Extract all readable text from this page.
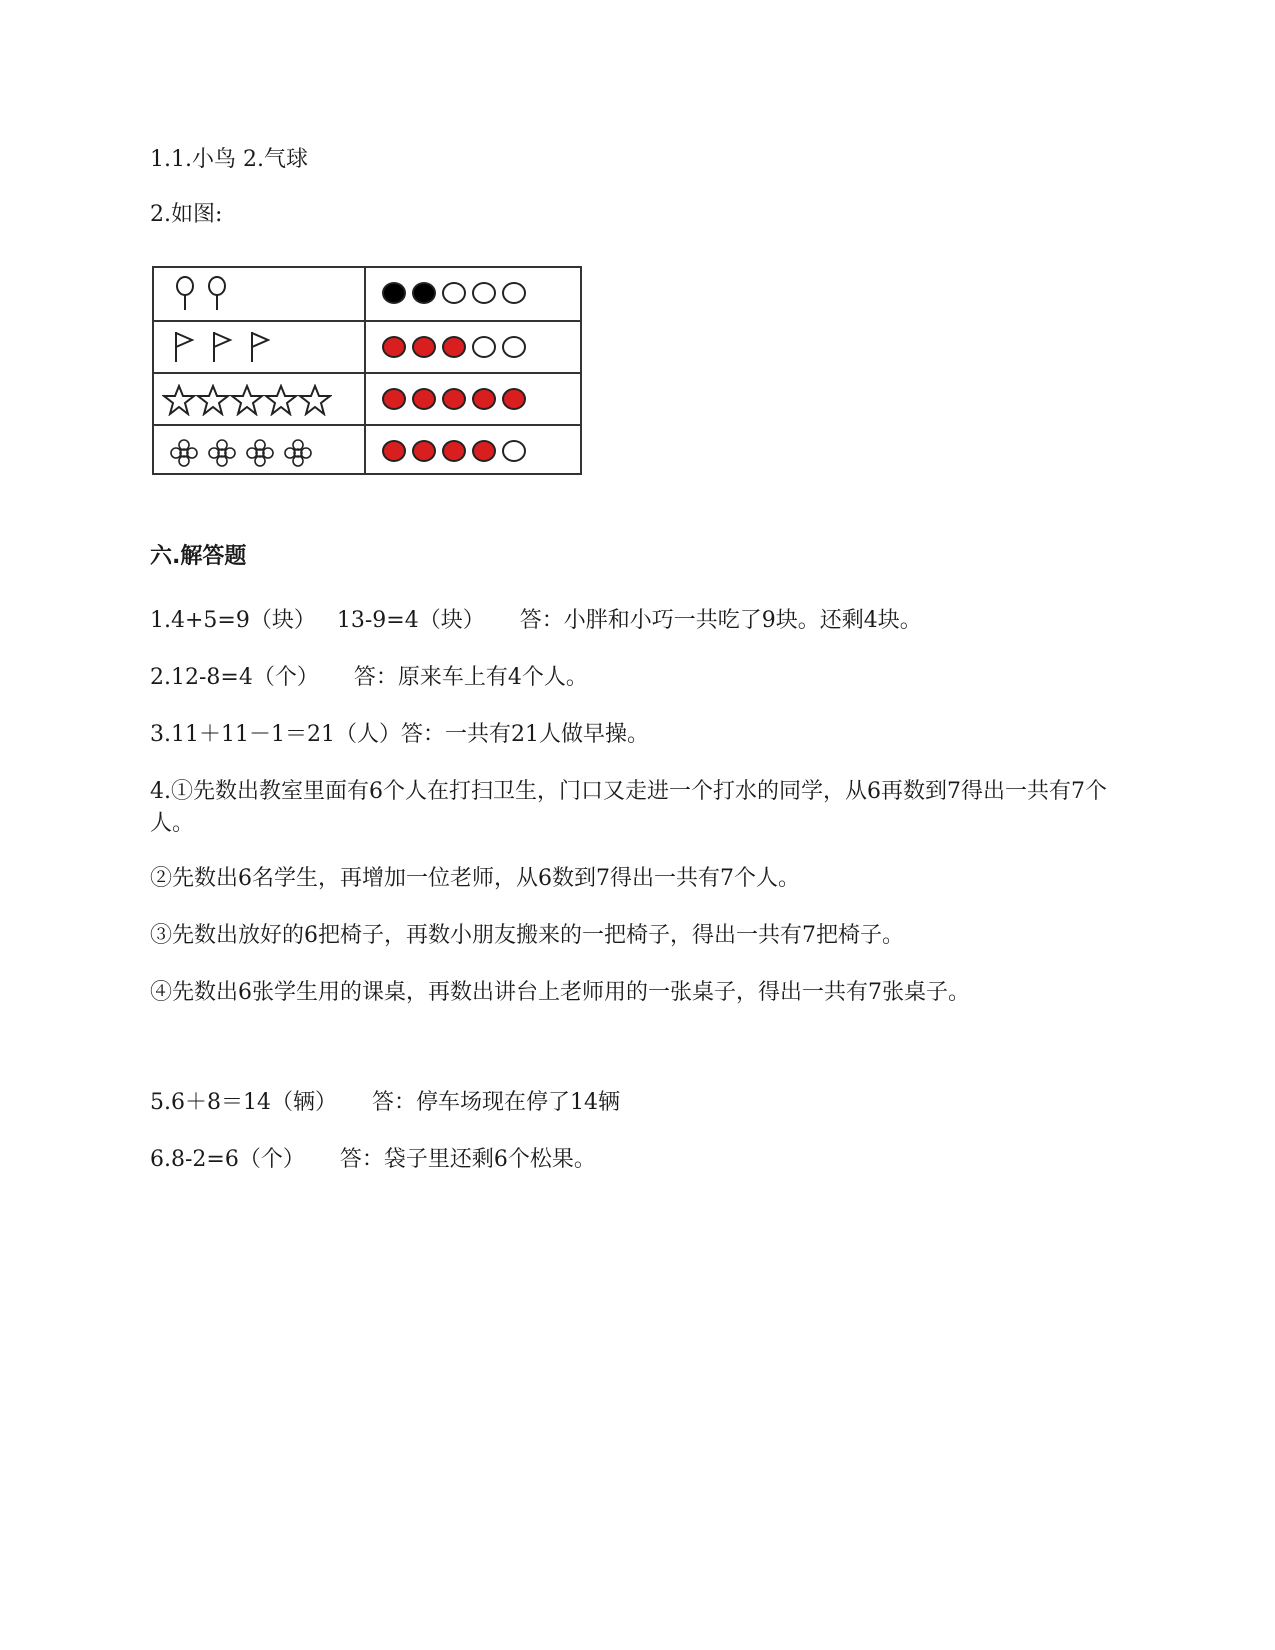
1.1.小鸟 2.气球
2.如图:
六.解答题
1.4+5=9（块） 13-9=4（块） 答：小胖和小巧一共吃了9块。还剩4块。
2.12-8=4（个） 答：原来车上有4个人。
3.11＋11－1＝21（人）答：一共有21人做早操。
4.①先数出教室里面有6个人在打扫卫生，门口又走进一个打水的同学，从6再数到7得出一共有7个人。
②先数出6名学生，再增加一位老师，从6数到7得出一共有7个人。
③先数出放好的6把椅子，再数小朋友搬来的一把椅子，得出一共有7把椅子。
④先数出6张学生用的课桌，再数出讲台上老师用的一张桌子，得出一共有7张桌子。
5.6＋8＝14（辆） 答：停车场现在停了14辆
6.8-2=6（个） 答：袋子里还剩6个松果。
